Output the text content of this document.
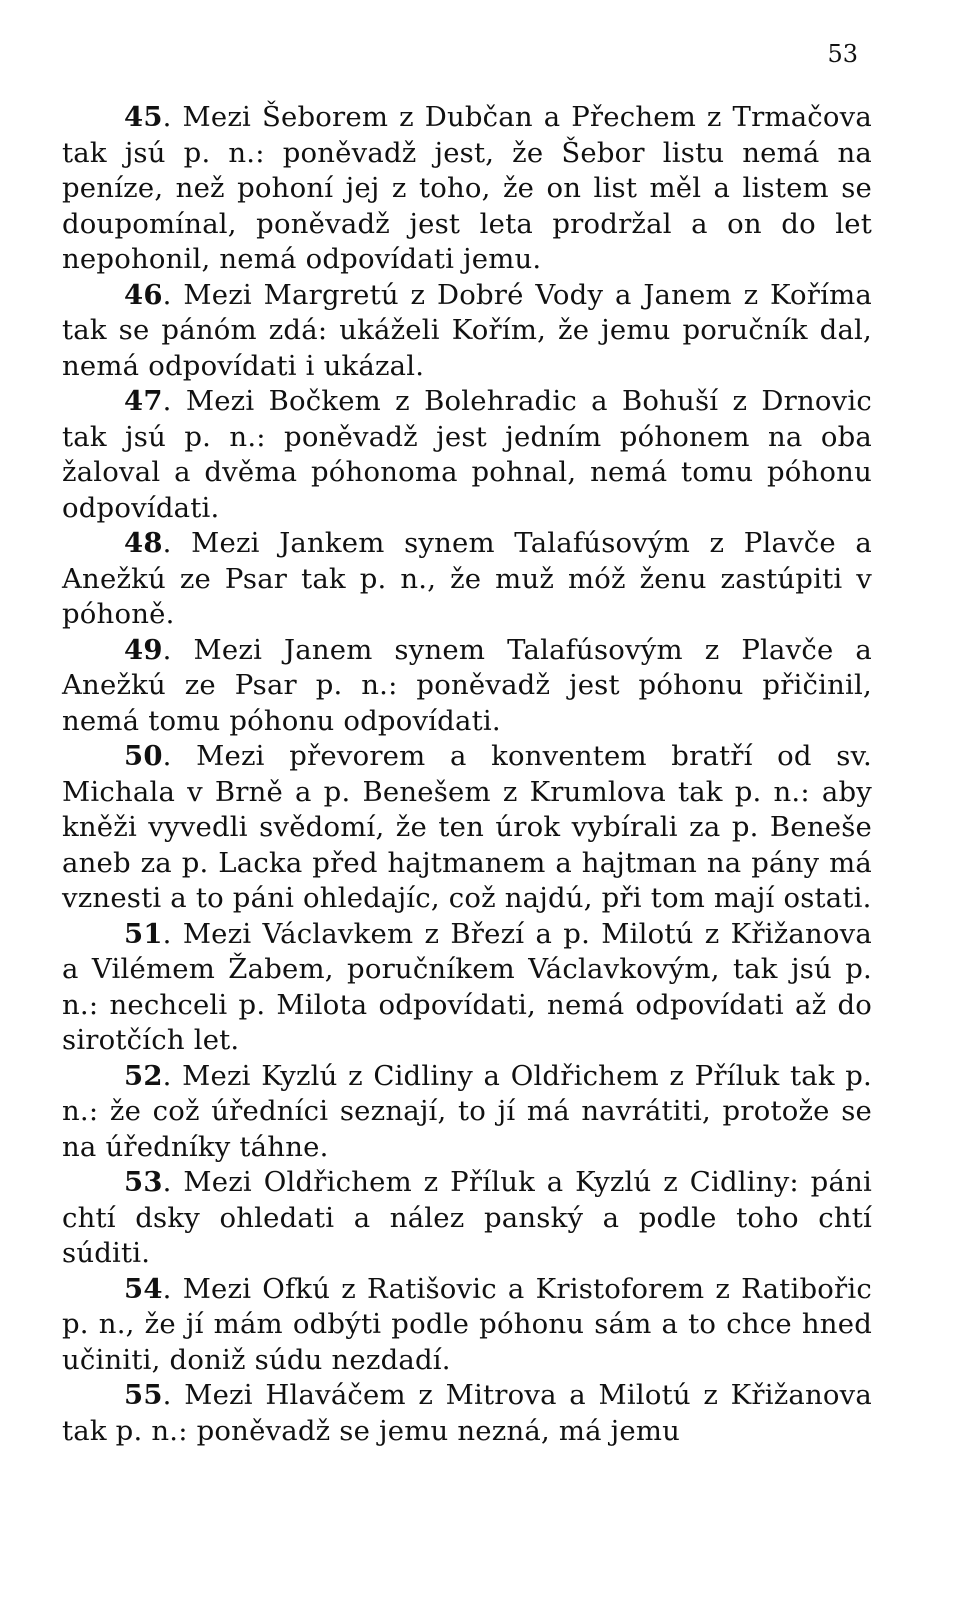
53

45. Mezi Šeborem z Dubčan a Přechem z Trmačova tak jsú p. n.: poněvadž jest, že Šebor listu nemá na peníze, než pohoní jej z toho, že on list měl a listem se doupomínal, poněvadž jest leta prodržal a on do let nepohonil, nemá odpovídati jemu.

46. Mezi Margretú z Dobré Vody a Janem z Koříma tak se pánóm zdá: ukáželi Kořím, že jemu poručník dal, nemá odpovídati i ukázal.

47. Mezi Bočkem z Bolehradic a Bohuší z Drnovic tak jsú p. n.: poněvadž jest jedním póhonem na oba žaloval a dvěma póhonoma pohnal, nemá tomu póhonu odpovídati.

48. Mezi Jankem synem Talafúsovým z Plavče a Anežkú ze Psar tak p. n., že muž móž ženu zastúpiti v póhoně.

49. Mezi Janem synem Talafúsovým z Plavče a Anežkú ze Psar p. n.: poněvadž jest póhonu přičinil, nemá tomu póhonu odpovídati.

50. Mezi převorem a konventem bratří od sv. Michala v Brně a p. Benešem z Krumlova tak p. n.: aby kněži vyvedli svědomí, že ten úrok vybírali za p. Beneše aneb za p. Lacka před hajtmanem a hajtman na pány má vznesti a to páni ohledajíc, což najdú, při tom mají ostati.

51. Mezi Václavkem z Březí a p. Milotú z Křižanova a Vilémem Žabem, poručníkem Václavkovým, tak jsú p. n.: nechceli p. Milota odpovídati, nemá odpovídati až do sirotčích let.

52. Mezi Kyzlú z Cidliny a Oldřichem z Příluk tak p. n.: že což úředníci seznají, to jí má navrátiti, protože se na úředníky táhne.

53. Mezi Oldřichem z Příluk a Kyzlú z Cidliny: páni chtí dsky ohledati a nález panský a podle toho chtí súditi.

54. Mezi Ofkú z Ratišovic a Kristoforem z Ratibořic p. n., že jí mám odbýti podle póhonu sám a to chce hned učiniti, doniž súdu nezdadí.

55. Mezi Hlaváčem z Mitrova a Milotú z Křižanova tak p. n.: poněvadž se jemu nezná, má jemu
